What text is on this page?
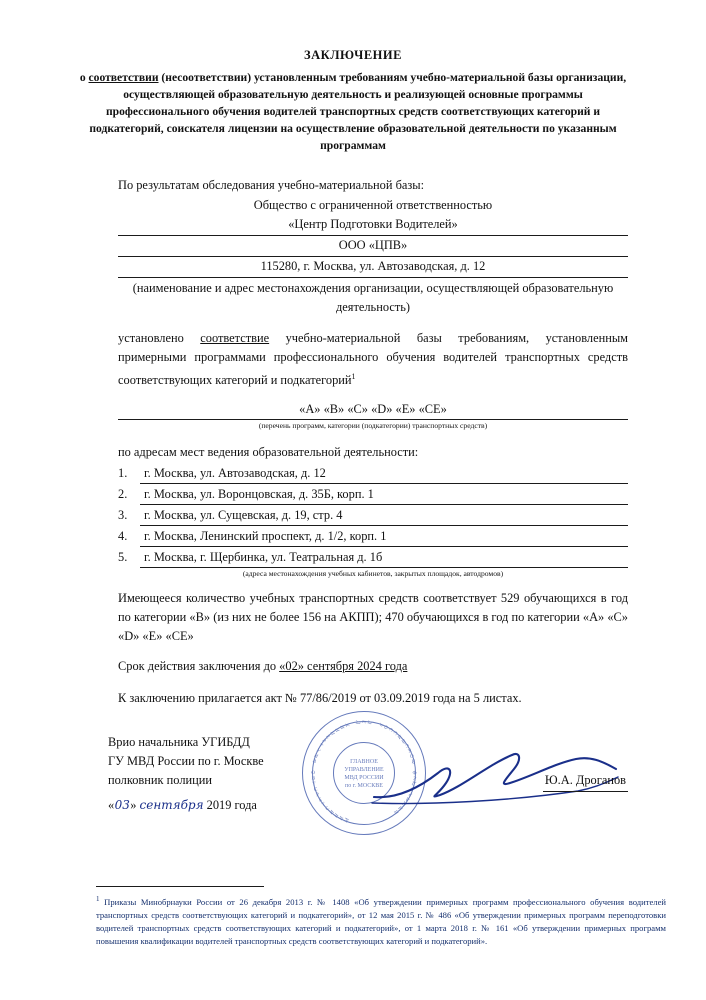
ЗАКЛЮЧЕНИЕ
о соответствии (несоответствии) установленным требованиям учебно-материальной базы организации, осуществляющей образовательную деятельность и реализующей основные программы профессионального обучения водителей транспортных средств соответствующих категорий и подкатегорий, соискателя лицензии на осуществление образовательной деятельности по указанным программам
По результатам обследования учебно-материальной базы:
Общество с ограниченной ответственностью
«Центр Подготовки Водителей»
ООО «ЦПВ»
115280, г. Москва, ул. Автозаводская, д. 12
(наименование и адрес местонахождения организации, осуществляющей образовательную деятельность)
установлено соответствие учебно-материальной базы требованиям, установленным примерными программами профессионального обучения водителей транспортных средств соответствующих категорий и подкатегорий$^1$
«A» «B» «C» «D» «E» «CE»
(перечень программ, категории (подкатегории) транспортных средств)
по адресам мест ведения образовательной деятельности:
1.	г. Москва, ул. Автозаводская, д. 12
2.	г. Москва, ул. Воронцовская, д. 35Б, корп. 1
3.	г. Москва, ул. Сущевская, д. 19, стр. 4
4.	г. Москва, Ленинский проспект, д. 1/2, корп. 1
5.	г. Москва, г. Щербинка, ул. Театральная д. 1б
(адреса местонахождения учебных кабинетов, закрытых площадок, автодромов)
Имеющееся количество учебных транспортных средств соответствует 529 обучающихся в год по категории «B» (из них не более 156 на АКПП); 470 обучающихся в год по категории «A» «C» «D» «E» «CE»
Срок действия заключения до «02» сентября 2024 года
К заключению прилагается акт № 77/86/2019 от 03.09.2019 года на 5 листах.
М
И
Н
И
С
Т
Е
Р
С
Т
В
О
В
Н
У
Т
Р
Е
Н
Н
И
Х
Д Е Л Р
О
С
С
И
Й
С
К
О
Й
Ф
Е
Д
Е
Р
А
Ц
И
И
ГЛАВНОЕ
УПРАВЛЕНИЕ
МВД РОССИИ
по г. МОСКВЕ
Врио начальника УГИБДД
ГУ МВД России по г. Москве
полковник полиции	Ю.А. Дроганов
«03» сентября 2019 года
$^1$ Приказы Минобрнауки России от 26 декабря 2013 г. № 1408 «Об утверждении примерных программ профессионального обучения водителей транспортных средств соответствующих категорий и подкатегорий», от 12 мая 2015 г. № 486 «Об утверждении примерных программ переподготовки водителей транспортных средств соответствующих категорий и подкатегорий», от 1 марта 2018 г. № 161 «Об утверждении примерных программ повышения квалификации водителей транспортных средств соответствующих категорий и подкатегорий».
